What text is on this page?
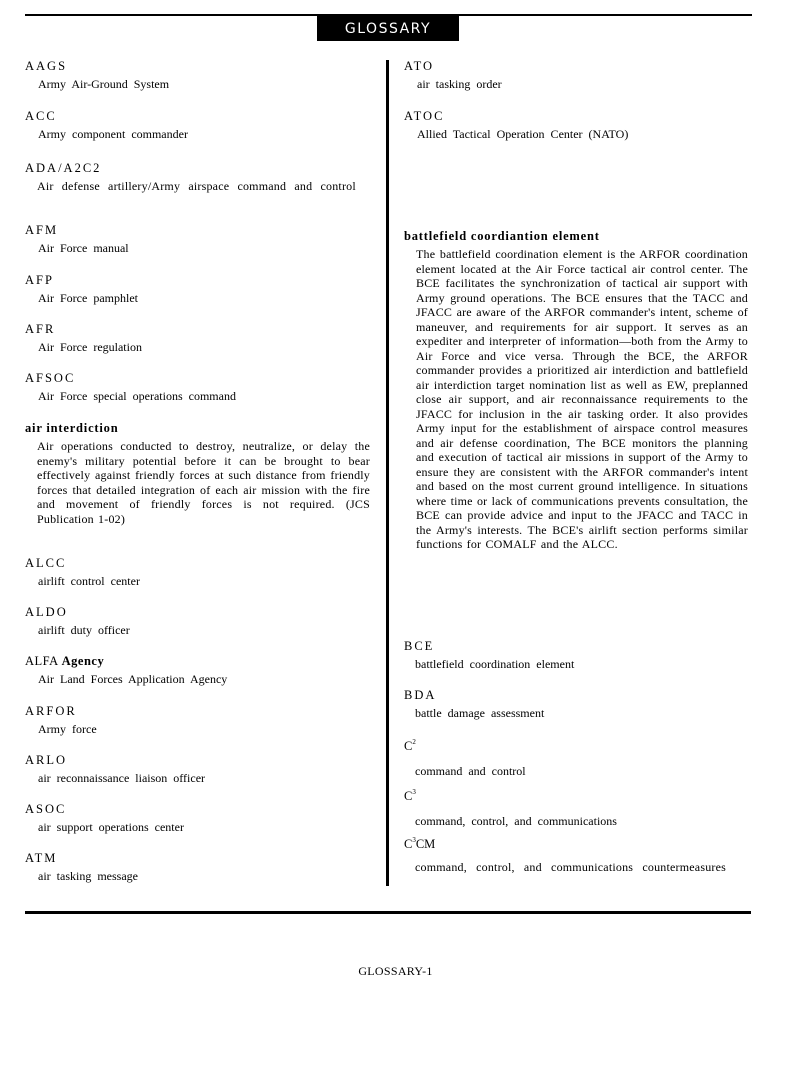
GLOSSARY
AAGS
Army Air-Ground System
ACC
Army component commander
ADA/A2C2
Air defense artillery/Army airspace command and control
AFM
Air Force manual
AFP
Air Force pamphlet
AFR
Air Force regulation
AFSOC
Air Force special operations command
air interdiction
Air operations conducted to destroy, neutralize, or delay the enemy's military potential before it can be brought to bear effectively against friendly forces at such distance from friendly forces that detailed integration of each air mission with the fire and movement of friendly forces is not required. (JCS Publication 1-02)
ALCC
airlift control center
ALDO
airlift duty officer
ALFA Agency
Air Land Forces Application Agency
ARFOR
Army force
ARLO
air reconnaissance liaison officer
ASOC
air support operations center
ATM
air tasking message
ATO
air tasking order
ATOC
Allied Tactical Operation Center (NATO)
battlefield coordiantion element
The battlefield coordination element is the ARFOR coordination element located at the Air Force tactical air control center. The BCE facilitates the synchronization of tactical air support with Army ground operations. The BCE ensures that the TACC and JFACC are aware of the ARFOR commander's intent, scheme of maneuver, and requirements for air support. It serves as an expediter and interpreter of information—both from the Army to Air Force and vice versa. Through the BCE, the ARFOR commander provides a prioritized air interdiction and battlefield air interdiction target nomination list as well as EW, preplanned close air support, and air reconnaissance requirements to the JFACC for inclusion in the air tasking order. It also provides Army input for the establishment of airspace control measures and air defense coordination, The BCE monitors the planning and execution of tactical air missions in support of the Army to ensure they are consistent with the ARFOR commander's intent and based on the most current ground intelligence. In situations where time or lack of communications prevents consultation, the BCE can provide advice and input to the JFACC and TACC in the Army's interests. The BCE's airlift section performs similar functions for COMALF and the ALCC.
BCE
battlefield coordination element
BDA
battle damage assessment
$C^2$
command and control
$C^3$
command, control, and communications
$C^3CM$
command, control, and communications countermeasures
GLOSSARY-1
